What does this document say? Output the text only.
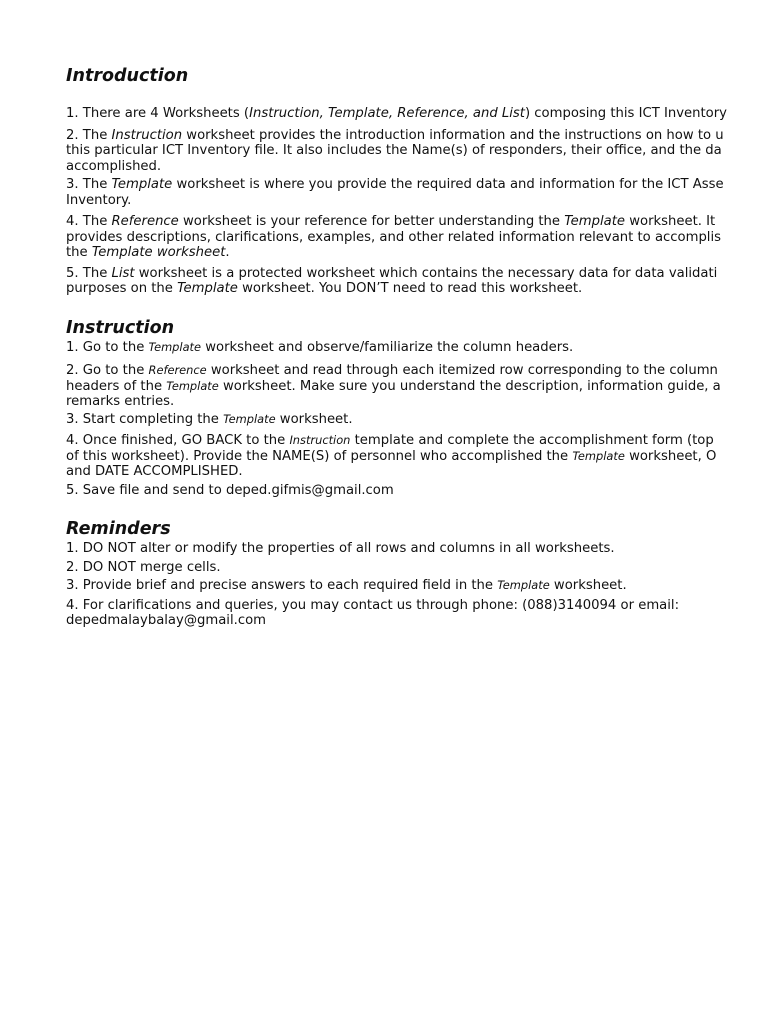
Introduction

1. There are 4 Worksheets (Instruction, Template, Reference, and List) composing this ICT Inventory

2. The Instruction worksheet provides the introduction information and the instructions on how to u
this particular ICT Inventory file. It also includes the Name(s) of responders, their office, and the da
accomplished.

3. The Template worksheet is where you provide the required data and information for the ICT Asse
Inventory.

4. The Reference worksheet is your reference for better understanding the Template worksheet. It
provides descriptions, clarifications, examples, and other related information relevant to accomplis
the Template worksheet.

5. The List worksheet is a protected worksheet which contains the necessary data for data validati
purposes on the Template worksheet. You DON’T need to read this worksheet.

Instruction

1. Go to the Template worksheet and observe/familiarize the column headers.

2. Go to the Reference worksheet and read through each itemized row corresponding to the column
headers of the Template worksheet. Make sure you understand the description, information guide, a
remarks entries.

3. Start completing the Template worksheet.

4. Once finished, GO BACK to the Instruction template and complete the accomplishment form (top
of this worksheet). Provide the NAME(S) of personnel who accomplished the Template worksheet, O
and DATE ACCOMPLISHED.

5. Save file and send to deped.gifmis@gmail.com

Reminders

1. DO NOT alter or modify the properties of all rows and columns in all worksheets.

2. DO NOT merge cells.

3. Provide brief and precise answers to each required field in the Template worksheet.

4. For clarifications and queries, you may contact us through phone: (088)3140094 or email:
depedmalaybalay@gmail.com
